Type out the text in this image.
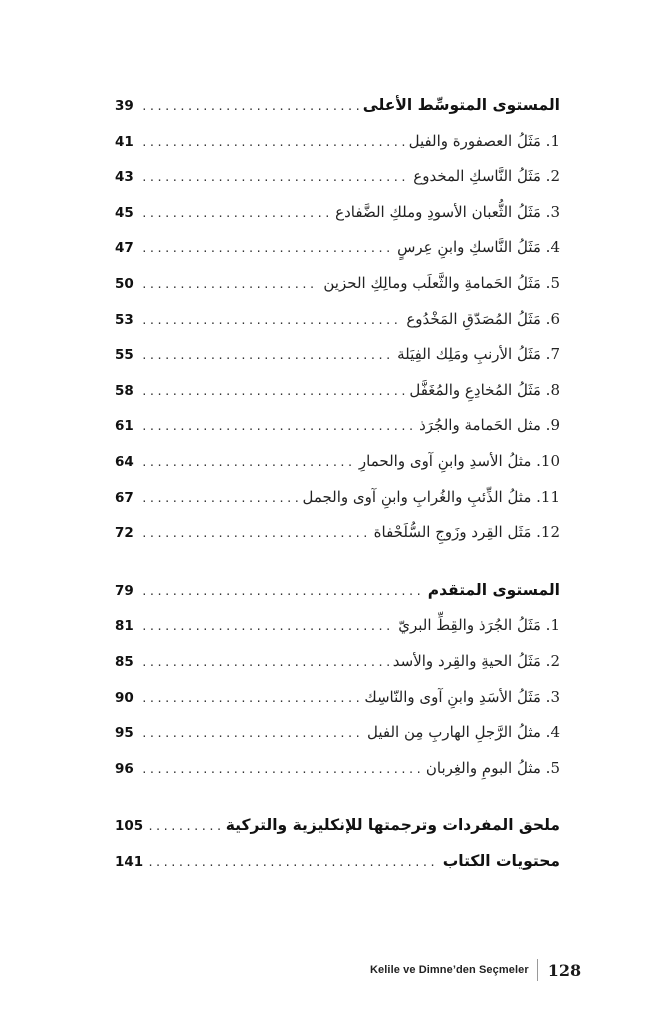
المستوى المتوسِّط الأعلى
.....
39
1. مَثَلُ العصفورة والفيل
.....
41
2. مَثَلُ النَّاسكِ المخدوع
.....
43
3. مَثَلُ الثُّعبان الأسودِ وملكِ الضَّفادع
.....
45
4. مَثَلُ النَّاسكِ وابنِ عِرسٍ
.....
47
5. مَثَلُ الحَمامةِ والثَّعلَب ومالِكِ الحزين
.....
50
6. مَثَلُ المُصَدّقِ المَخْدُوع
.....
53
7. مَثَلُ الأرنبِ ومَلِك الفِيَلة
.....
55
8. مَثَلُ المُخادِعِ والمُغَفَّل
.....
58
9. مثل الحَمامة والجُرَذ
.....
61
10. مثلُ الأسدِ وابنِ آوى والحمارِ
.....
64
11. مثلُ الذِّئبِ والغُرابِ وابنِ آوى والجمل
.....
67
12. مَثَل القِرد وزَوجِ السُّلَحْفاة
.....
72
المستوى المتقدم
.....
79
1. مَثَلُ الجُرَذ والقِطِّ البريّ
.....
81
2. مَثَلُ الحيةِ والقِرد والأسد
.....
85
3. مَثَلُ الأسَدِ وابنِ آوى والنّاسِك
.....
90
4. مثلُ الرَّجلِ الهاربِ مِن الفيل
.....
95
5. مثلُ البومِ والغِربان
.....
96
ملحق المفردات وترجمتها للإنكليزية والتركية
.....
105
محتويات الكتاب
.....
141
Kelile ve Dimne’den Seçmeler 128
